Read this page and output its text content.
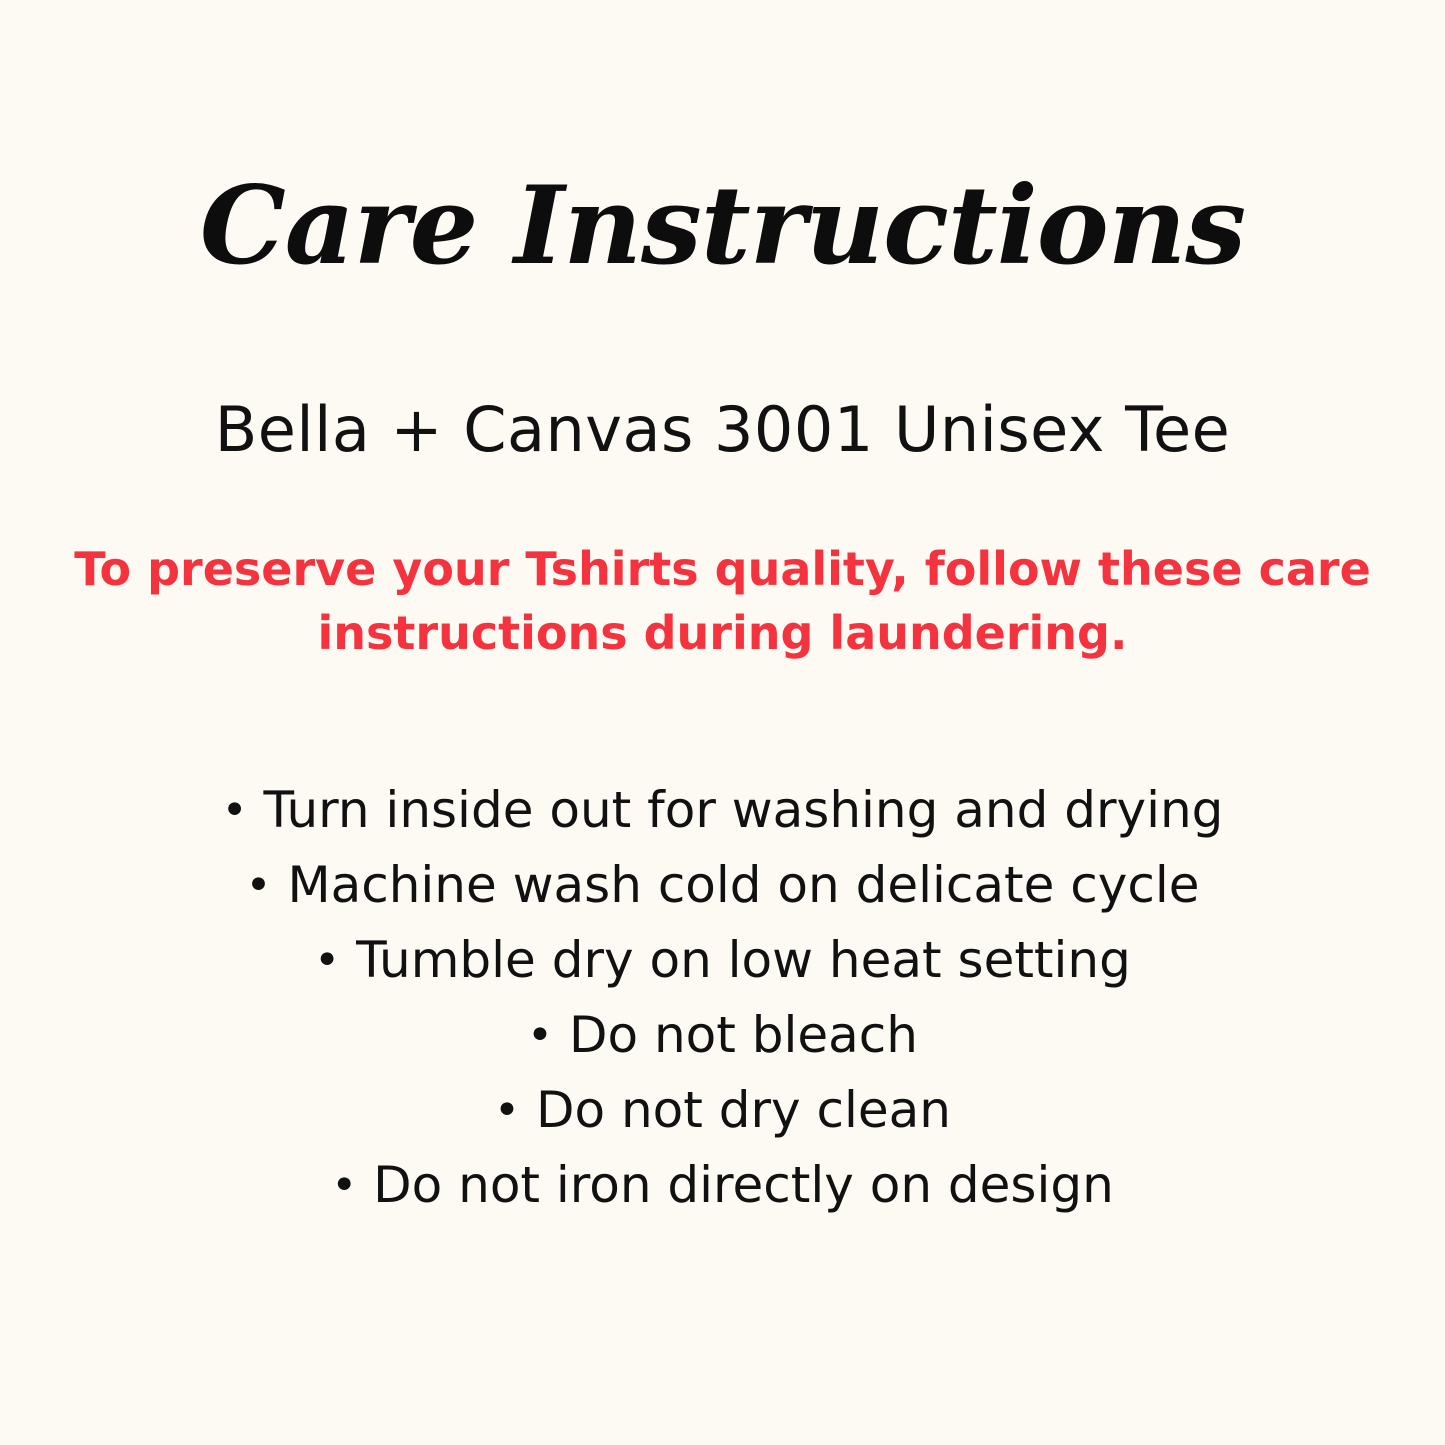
Care Instructions
Bella + Canvas 3001 Unisex Tee

To preserve your Tshirts quality, follow these care instructions during laundering.

• Turn inside out for washing and drying
• Machine wash cold on delicate cycle
• Tumble dry on low heat setting
• Do not bleach
• Do not dry clean
• Do not iron directly on design
